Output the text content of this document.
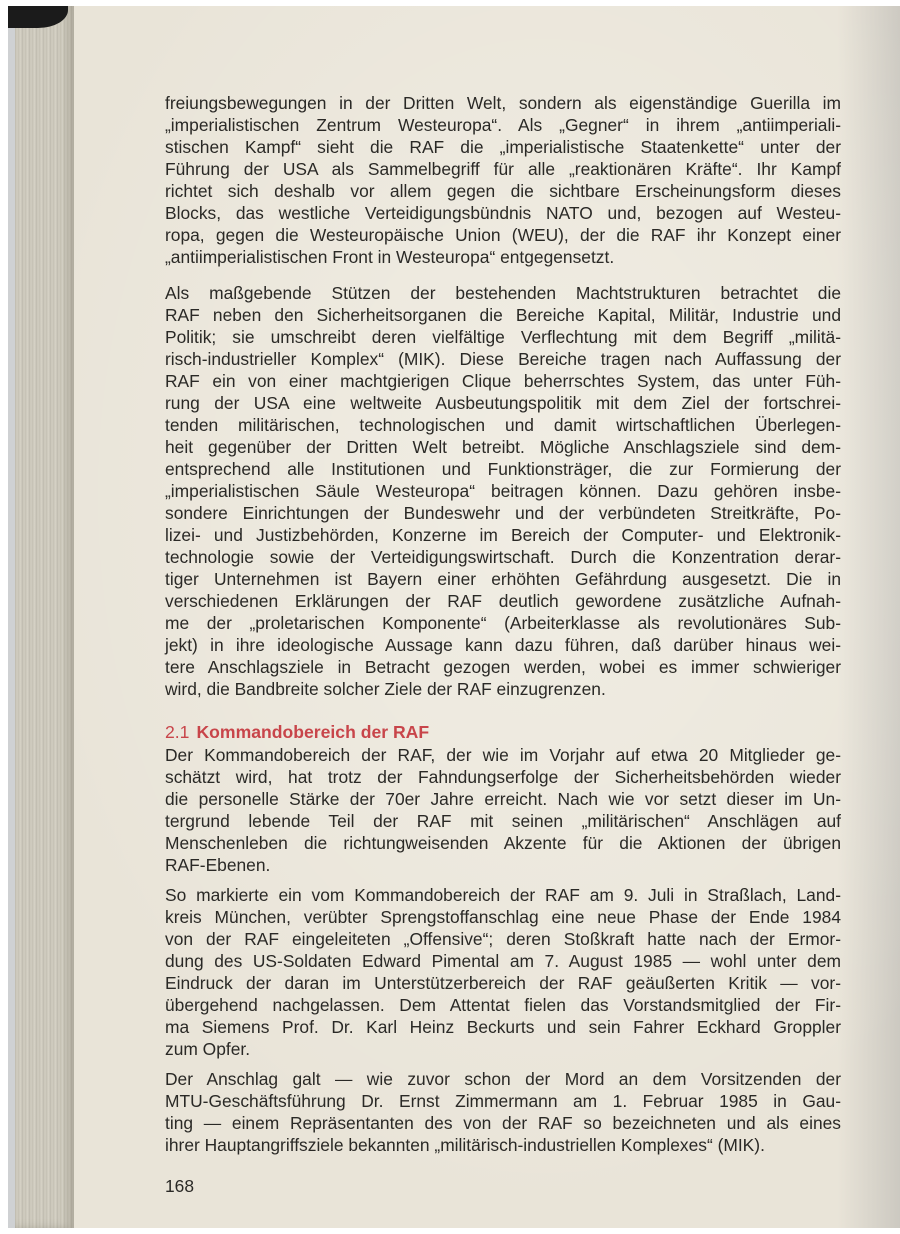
2.1 Kommandobereich der RAF
freiungsbewegungen in der Dritten Welt, sondern als eigenständige Guerilla im
„imperialistischen Zentrum Westeuropa“. Als „Gegner“ in ihrem „antiimperiali-
stischen Kampf“ sieht die RAF die „imperialistische Staatenkette“ unter der
Führung der USA als Sammelbegriff für alle „reaktionären Kräfte“. Ihr Kampf
richtet sich deshalb vor allem gegen die sichtbare Erscheinungsform dieses
Blocks, das westliche Verteidigungsbündnis NATO und, bezogen auf Westeu-
ropa, gegen die Westeuropäische Union (WEU), der die RAF ihr Konzept einer
„antiimperialistischen Front in Westeuropa“ entgegensetzt.
Als maßgebende Stützen der bestehenden Machtstrukturen betrachtet die
RAF neben den Sicherheitsorganen die Bereiche Kapital, Militär, Industrie und
Politik; sie umschreibt deren vielfältige Verflechtung mit dem Begriff „militä-
risch-industrieller Komplex“ (MIK). Diese Bereiche tragen nach Auffassung der
RAF ein von einer machtgierigen Clique beherrschtes System, das unter Füh-
rung der USA eine weltweite Ausbeutungspolitik mit dem Ziel der fortschrei-
tenden militärischen, technologischen und damit wirtschaftlichen Überlegen-
heit gegenüber der Dritten Welt betreibt. Mögliche Anschlagsziele sind dem-
entsprechend alle Institutionen und Funktionsträger, die zur Formierung der
„imperialistischen Säule Westeuropa“ beitragen können. Dazu gehören insbe-
sondere Einrichtungen der Bundeswehr und der verbündeten Streitkräfte, Po-
lizei- und Justizbehörden, Konzerne im Bereich der Computer- und Elektronik-
technologie sowie der Verteidigungswirtschaft. Durch die Konzentration derar-
tiger Unternehmen ist Bayern einer erhöhten Gefährdung ausgesetzt. Die in
verschiedenen Erklärungen der RAF deutlich gewordene zusätzliche Aufnah-
me der „proletarischen Komponente“ (Arbeiterklasse als revolutionäres Sub-
jekt) in ihre ideologische Aussage kann dazu führen, daß darüber hinaus wei-
tere Anschlagsziele in Betracht gezogen werden, wobei es immer schwieriger
wird, die Bandbreite solcher Ziele der RAF einzugrenzen.
Der Kommandobereich der RAF, der wie im Vorjahr auf etwa 20 Mitglieder ge-
schätzt wird, hat trotz der Fahndungserfolge der Sicherheitsbehörden wieder
die personelle Stärke der 70er Jahre erreicht. Nach wie vor setzt dieser im Un-
tergrund lebende Teil der RAF mit seinen „militärischen“ Anschlägen auf
Menschenleben die richtungweisenden Akzente für die Aktionen der übrigen
RAF-Ebenen.
So markierte ein vom Kommandobereich der RAF am 9. Juli in Straßlach, Land-
kreis München, verübter Sprengstoffanschlag eine neue Phase der Ende 1984
von der RAF eingeleiteten „Offensive“; deren Stoßkraft hatte nach der Ermor-
dung des US-Soldaten Edward Pimental am 7. August 1985 — wohl unter dem
Eindruck der daran im Unterstützerbereich der RAF geäußerten Kritik — vor-
übergehend nachgelassen. Dem Attentat fielen das Vorstandsmitglied der Fir-
ma Siemens Prof. Dr. Karl Heinz Beckurts und sein Fahrer Eckhard Groppler
zum Opfer.
Der Anschlag galt — wie zuvor schon der Mord an dem Vorsitzenden der
MTU-Geschäftsführung Dr. Ernst Zimmermann am 1. Februar 1985 in Gau-
ting — einem Repräsentanten des von der RAF so bezeichneten und als eines
ihrer Hauptangriffsziele bekannten „militärisch-industriellen Komplexes“ (MIK).
168
